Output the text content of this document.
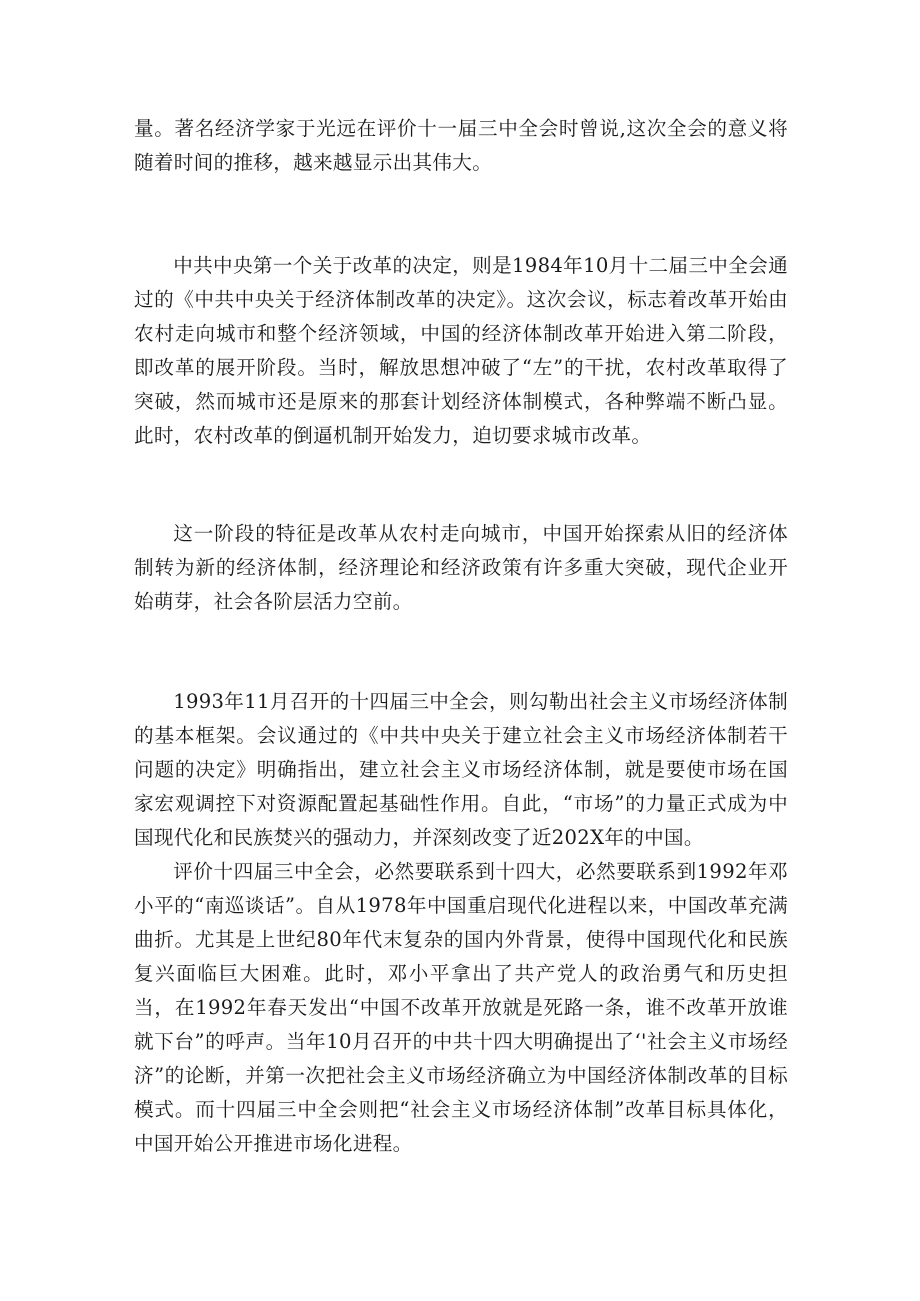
量。著名经济学家于光远在评价十一届三中全会时曾说,这次全会的意义将随着时间的推移，越来越显示出其伟大。

中共中央第一个关于改革的决定，则是1984年10月十二届三中全会通过的《中共中央关于经济体制改革的决定》。这次会议，标志着改革开始由农村走向城市和整个经济领域，中国的经济体制改革开始进入第二阶段，即改革的展开阶段。当时，解放思想冲破了“左”的干扰，农村改革取得了突破，然而城市还是原来的那套计划经济体制模式，各种弊端不断凸显。此时，农村改革的倒逼机制开始发力，迫切要求城市改革。

这一阶段的特征是改革从农村走向城市，中国开始探索从旧的经济体制转为新的经济体制，经济理论和经济政策有许多重大突破，现代企业开始萌芽，社会各阶层活力空前。

1993年11月召开的十四届三中全会，则勾勒出社会主义市场经济体制的基本框架。会议通过的《中共中央关于建立社会主义市场经济体制若干问题的决定》明确指出，建立社会主义市场经济体制，就是要使市场在国家宏观调控下对资源配置起基础性作用。自此，“市场”的力量正式成为中国现代化和民族焚兴的强动力，并深刻改变了近202X年的中国。

评价十四届三中全会，必然要联系到十四大，必然要联系到1992年邓小平的“南巡谈话”。自从1978年中国重启现代化进程以来，中国改革充满曲折。尤其是上世纪80年代末复杂的国内外背景，使得中国现代化和民族复兴面临巨大困难。此时，邓小平拿出了共产党人的政治勇气和历史担当，在1992年春天发出“中国不改革开放就是死路一条，谁不改革开放谁就下台”的呼声。当年10月召开的中共十四大明确提出了‘'社会主义市场经济”的论断，并第一次把社会主义市场经济确立为中国经济体制改革的目标模式。而十四届三中全会则把“社会主义市场经济体制”改革目标具体化，中国开始公开推进市场化进程。
